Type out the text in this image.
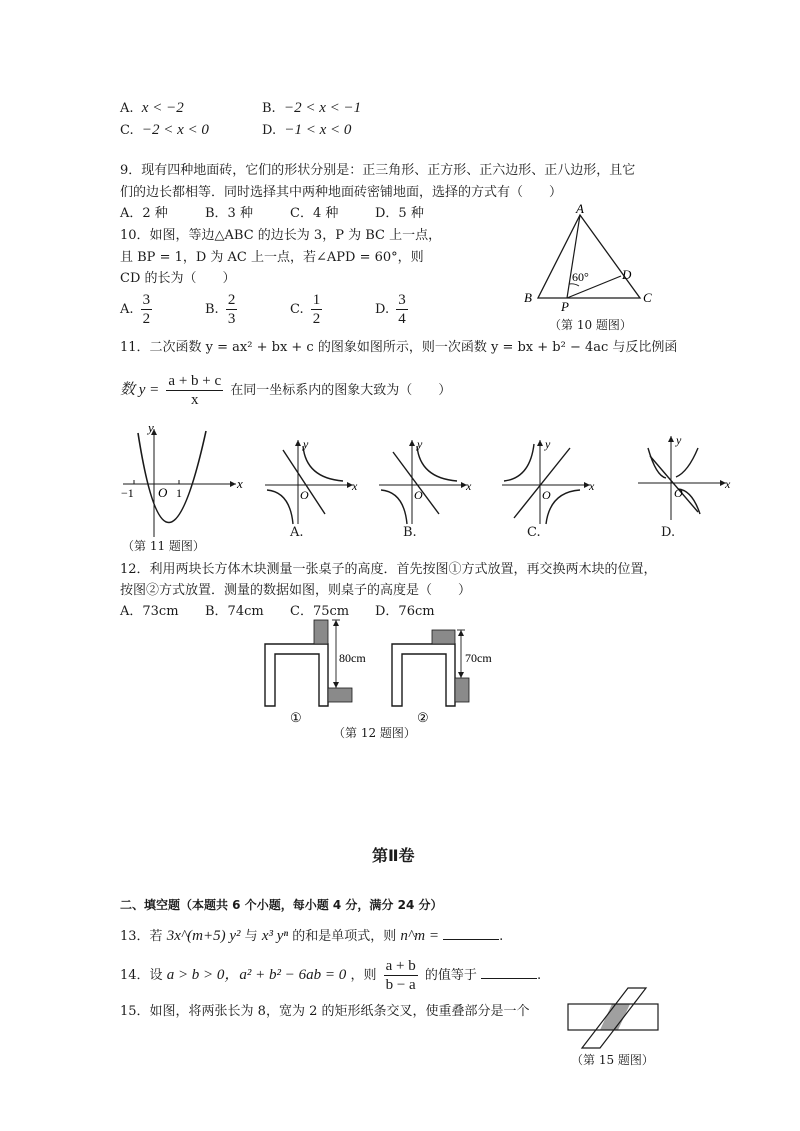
A. x < −2	B. −2 < x < −1
C. −2 < x < 0	D. −1 < x < 0
9．现有四种地面砖，它们的形状分别是：正三角形、正方形、正六边形、正八边形，且它
们的边长都相等．同时选择其中两种地面砖密铺地面，选择的方式有（　　）
A．2 种	B．3 种	C．4 种	D．5 种
10．如图，等边△ABC 的边长为 3，P 为 BC 上一点，
且 BP = 1，D 为 AC 上一点，若∠APD = 60°，则
CD 的长为（　　）
A. $\frac{3}{2}$	B. $\frac{2}{3}$	C. $\frac{1}{2}$	D. $\frac{3}{4}$
A
B	C
D
P
60°
（第 10 题图）
11．二次函数 y = ax² + bx + c 的图象如图所示，则一次函数 y = bx + b² − 4ac 与反比例函
数 $y = \frac{a + b + c}{x}$ 在同一坐标系内的图象大致为（　　）
y
x
−1 O 1
（第 11 题图）
y
x
O
A.
y
x
O
B.
y
x
O
C.
y
x
O
D.
12．利用两块长方体木块测量一张桌子的高度．首先按图①方式放置，再交换两木块的位置，
按图②方式放置．测量的数据如图，则桌子的高度是（　　）
A．73cm B．74cm C．75cm D．76cm
80cm
①
70cm
②
（第 12 题图）
第Ⅱ卷
二、填空题（本题共 6 个小题，每小题 4 分，满分 24 分）
13．若 3x^(m+5) y² 与 x³ yⁿ 的和是单项式，则 n^m =	.
14．设 a > b > 0，a² + b² − 6ab = 0 ，则 $\frac{a + b}{b - a}$ 的值等于	.
15．如图，将两张长为 8，宽为 2 的矩形纸条交叉，使重叠部分是一个
（第 15 题图）
